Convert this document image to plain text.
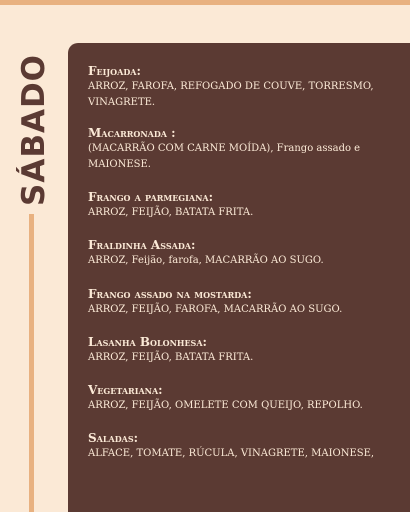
SÁBADO	Feijoada:
ARROZ, FAROFA, REFOGADO DE COUVE, TORRESMO, VINAGRETE.
Macarronada :
(MACARRÃO COM CARNE MOÍDA), Frango assado e MAIONESE.
Frango a parmegiana:
ARROZ, FEIJÃO, BATATA FRITA.
Fraldinha Assada:
ARROZ, Feijão, farofa, MACARRÃO AO SUGO.
Frango assado na mostarda:
ARROZ, FEIJÃO, FAROFA, MACARRÃO AO SUGO.
Lasanha Bolonhesa:
ARROZ, FEIJÃO, BATATA FRITA.
Vegetariana:
ARROZ, FEIJÃO, OMELETE COM QUEIJO, REPOLHO.
Saladas:
ALFACE, TOMATE, RÚCULA, VINAGRETE, MAIONESE,
